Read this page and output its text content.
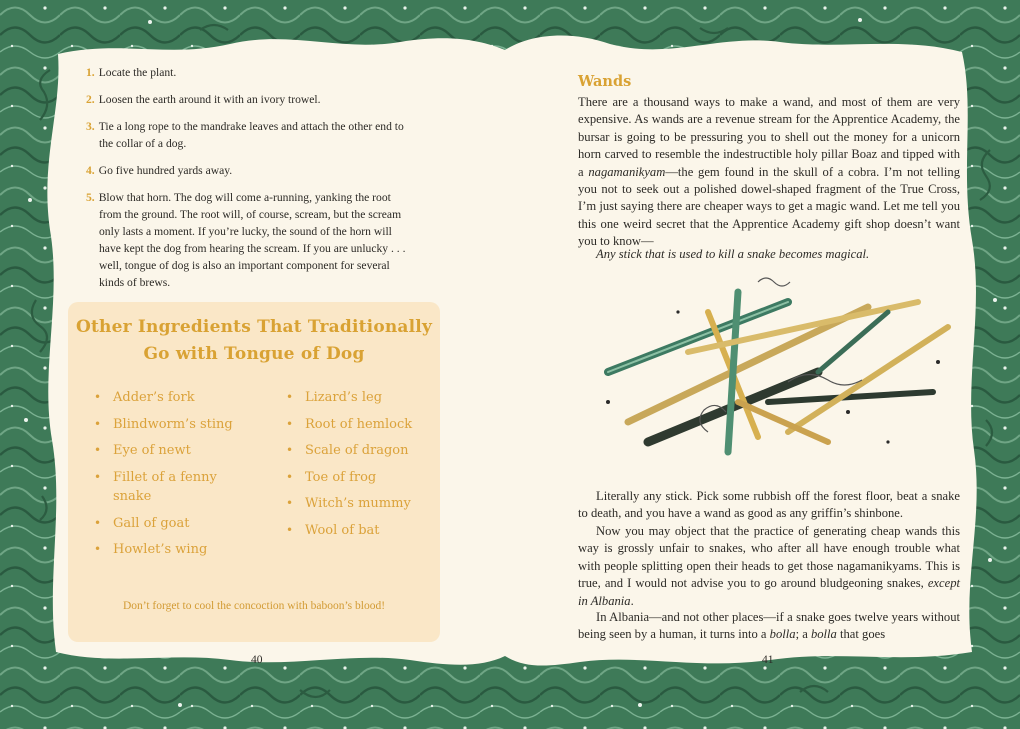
1. Locate the plant.
2. Loosen the earth around it with an ivory trowel.
3. Tie a long rope to the mandrake leaves and attach the other end to the collar of a dog.
4. Go five hundred yards away.
5. Blow that horn. The dog will come a-running, yanking the root from the ground. The root will, of course, scream, but the scream only lasts a moment. If you’re lucky, the sound of the horn will have kept the dog from hearing the scream. If you are unlucky . . . well, tongue of dog is also an important component for several kinds of brews.
Other Ingredients That Traditionally
Go with Tongue of Dog
• Adder’s fork
• Blindworm’s sting
• Eye of newt
• Fillet of a fenny snake
• Gall of goat
• Howlet’s wing
• Lizard’s leg
• Root of hemlock
• Scale of dragon
• Toe of frog
• Witch’s mummy
• Wool of bat
Don’t forget to cool the concoction with baboon’s blood!
40
Wands

There are a thousand ways to make a wand, and most of them are very expensive. As wands are a revenue stream for the Apprentice Academy, the bursar is going to be pressuring you to shell out the money for a unicorn horn carved to resemble the indestructible holy pillar Boaz and tipped with a nagamanikyam—the gem found in the skull of a cobra. I’m not telling you not to seek out a polished dowel-shaped fragment of the True Cross, I’m just saying there are cheaper ways to get a magic wand. Let me tell you this one weird secret that the Apprentice Academy gift shop doesn’t want you to know—

Any stick that is used to kill a snake becomes magical.

Literally any stick. Pick some rubbish off the forest floor, beat a snake to death, and you have a wand as good as any griffin’s shinbone.

Now you may object that the practice of generating cheap wands this way is grossly unfair to snakes, who after all have enough trouble what with people splitting open their heads to get those nagamanikyams. This is true, and I would not advise you to go around bludgeoning snakes, except in Albania.

In Albania—and not other places—if a snake goes twelve years without being seen by a human, it turns into a bolla; a bolla that goes

41
